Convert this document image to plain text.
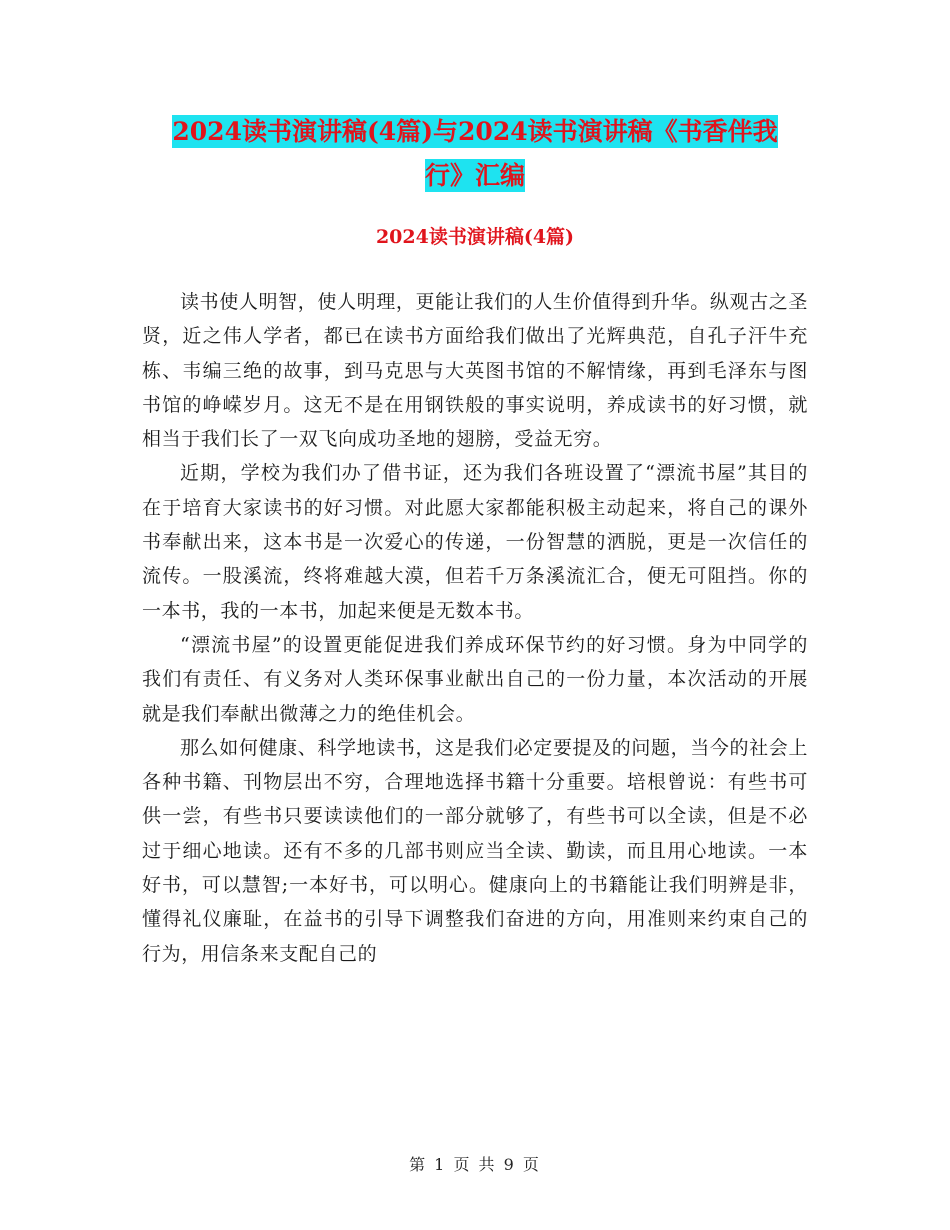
2024读书演讲稿(4篇)与2024读书演讲稿《书香伴我
行》汇编
2024读书演讲稿(4篇)

读书使人明智，使人明理，更能让我们的人生价值得到升华。纵观古之圣贤，近之伟人学者，都已在读书方面给我们做出了光辉典范，自孔子汗牛充栋、韦编三绝的故事，到马克思与大英图书馆的不解情缘，再到毛泽东与图书馆的峥嵘岁月。这无不是在用钢铁般的事实说明，养成读书的好习惯，就相当于我们长了一双飞向成功圣地的翅膀，受益无穷。

近期，学校为我们办了借书证，还为我们各班设置了“漂流书屋”其目的在于培育大家读书的好习惯。对此愿大家都能积极主动起来，将自己的课外书奉献出来，这本书是一次爱心的传递，一份智慧的洒脱，更是一次信任的流传。一股溪流，终将难越大漠，但若千万条溪流汇合，便无可阻挡。你的一本书，我的一本书，加起来便是无数本书。

“漂流书屋”的设置更能促进我们养成环保节约的好习惯。身为中同学的我们有责任、有义务对人类环保事业献出自己的一份力量，本次活动的开展就是我们奉献出微薄之力的绝佳机会。

那么如何健康、科学地读书，这是我们必定要提及的问题，当今的社会上各种书籍、刊物层出不穷，合理地选择书籍十分重要。培根曾说：有些书可供一尝，有些书只要读读他们的一部分就够了，有些书可以全读，但是不必过于细心地读。还有不多的几部书则应当全读、勤读，而且用心地读。一本好书，可以慧智;一本好书，可以明心。健康向上的书籍能让我们明辨是非，懂得礼仪廉耻，在益书的引导下调整我们奋进的方向，用准则来约束自己的行为，用信条来支配自己的

第 1 页 共 9 页
